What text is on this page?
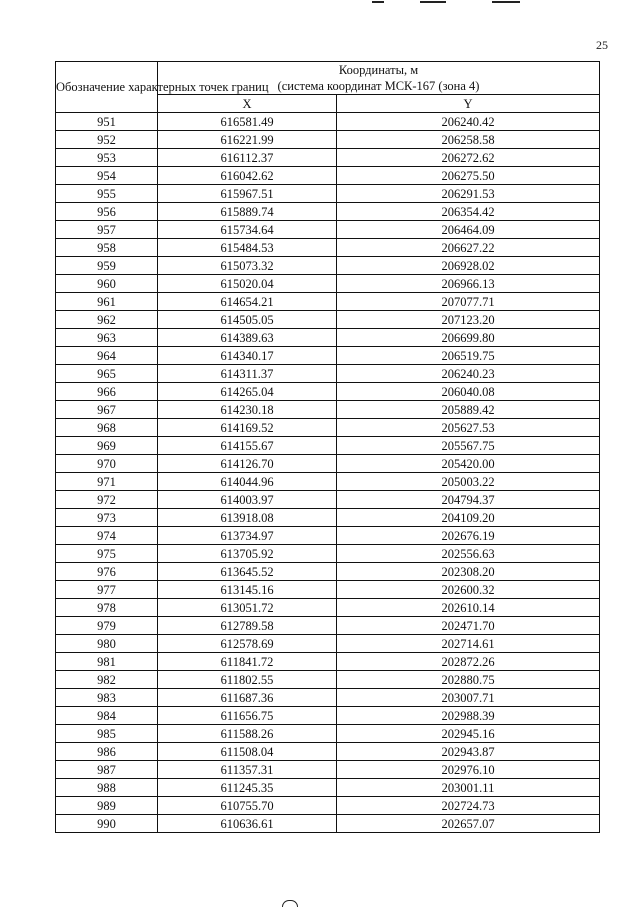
25
Обозначение характерных точек границ	Координаты, м
(система координат МСК-167 (зона 4)	

	X	Y
951	616581.49	206240.42
952	616221.99	206258.58
953	616112.37	206272.62
954	616042.62	206275.50
955	615967.51	206291.53
956	615889.74	206354.42
957	615734.64	206464.09
958	615484.53	206627.22
959	615073.32	206928.02
960	615020.04	206966.13
961	614654.21	207077.71
962	614505.05	207123.20
963	614389.63	206699.80
964	614340.17	206519.75
965	614311.37	206240.23
966	614265.04	206040.08
967	614230.18	205889.42
968	614169.52	205627.53
969	614155.67	205567.75
970	614126.70	205420.00
971	614044.96	205003.22
972	614003.97	204794.37
973	613918.08	204109.20
974	613734.97	202676.19
975	613705.92	202556.63
976	613645.52	202308.20
977	613145.16	202600.32
978	613051.72	202610.14
979	612789.58	202471.70
980	612578.69	202714.61
981	611841.72	202872.26
982	611802.55	202880.75
983	611687.36	203007.71
984	611656.75	202988.39
985	611588.26	202945.16
986	611508.04	202943.87
987	611357.31	202976.10
988	611245.35	203001.11
989	610755.70	202724.73
990	610636.61	202657.07
